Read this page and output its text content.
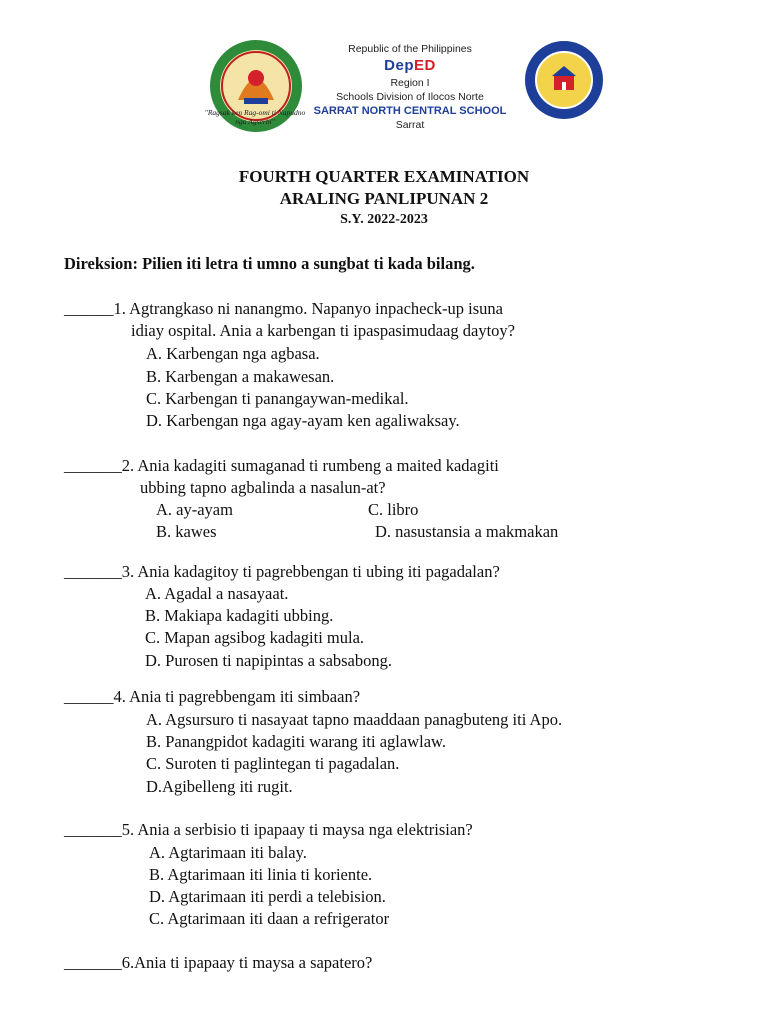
"Ragsak ken Rag-omi ti Napudno nga Agserbi"
Republic of the Philippines
DepED
Region I
Schools Division of Ilocos Norte
SARRAT NORTH CENTRAL SCHOOL
Sarrat
FOURTH QUARTER EXAMINATION
ARALING PANLIPUNAN 2
S.Y. 2022-2023
Direksion: Pilien iti letra ti umno a sungbat ti kada bilang.
______1. Agtrangkaso ni nanangmo. Napanyo inpacheck-up isuna
idiay ospital. Ania a karbengan ti ipaspasimudaag daytoy?
A. Karbengan nga agbasa.
B. Karbengan a makawesan.
C. Karbengan ti panangaywan-medikal.
D. Karbengan nga agay-ayam ken agaliwaksay.
_______2. Ania kadagiti sumaganad ti rumbeng a maited kadagiti
ubbing tapno agbalinda a nasalun-at?
A. ay-ayam	C. libro
B. kawes	D. nasustansia a makmakan
_______3. Ania kadagitoy ti pagrebbengan ti ubing iti pagadalan?
A. Agadal a nasayaat.
B. Makiapa kadagiti ubbing.
C. Mapan agsibog kadagiti mula.
D. Purosen ti napipintas a sabsabong.
______4. Ania ti pagrebbengam iti simbaan?
A. Agsursuro ti nasayaat tapno maaddaan panagbuteng iti Apo.
B. Panangpidot kadagiti warang iti aglawlaw.
C. Suroten ti paglintegan ti pagadalan.
D.Agibelleng iti rugit.
_______5. Ania a serbisio ti ipapaay ti maysa nga elektrisian?
A. Agtarimaan iti balay.
B. Agtarimaan iti linia ti koriente.
D. Agtarimaan iti perdi a telebision.
C. Agtarimaan iti daan a refrigerator
_______6.Ania ti ipapaay ti maysa a sapatero?
